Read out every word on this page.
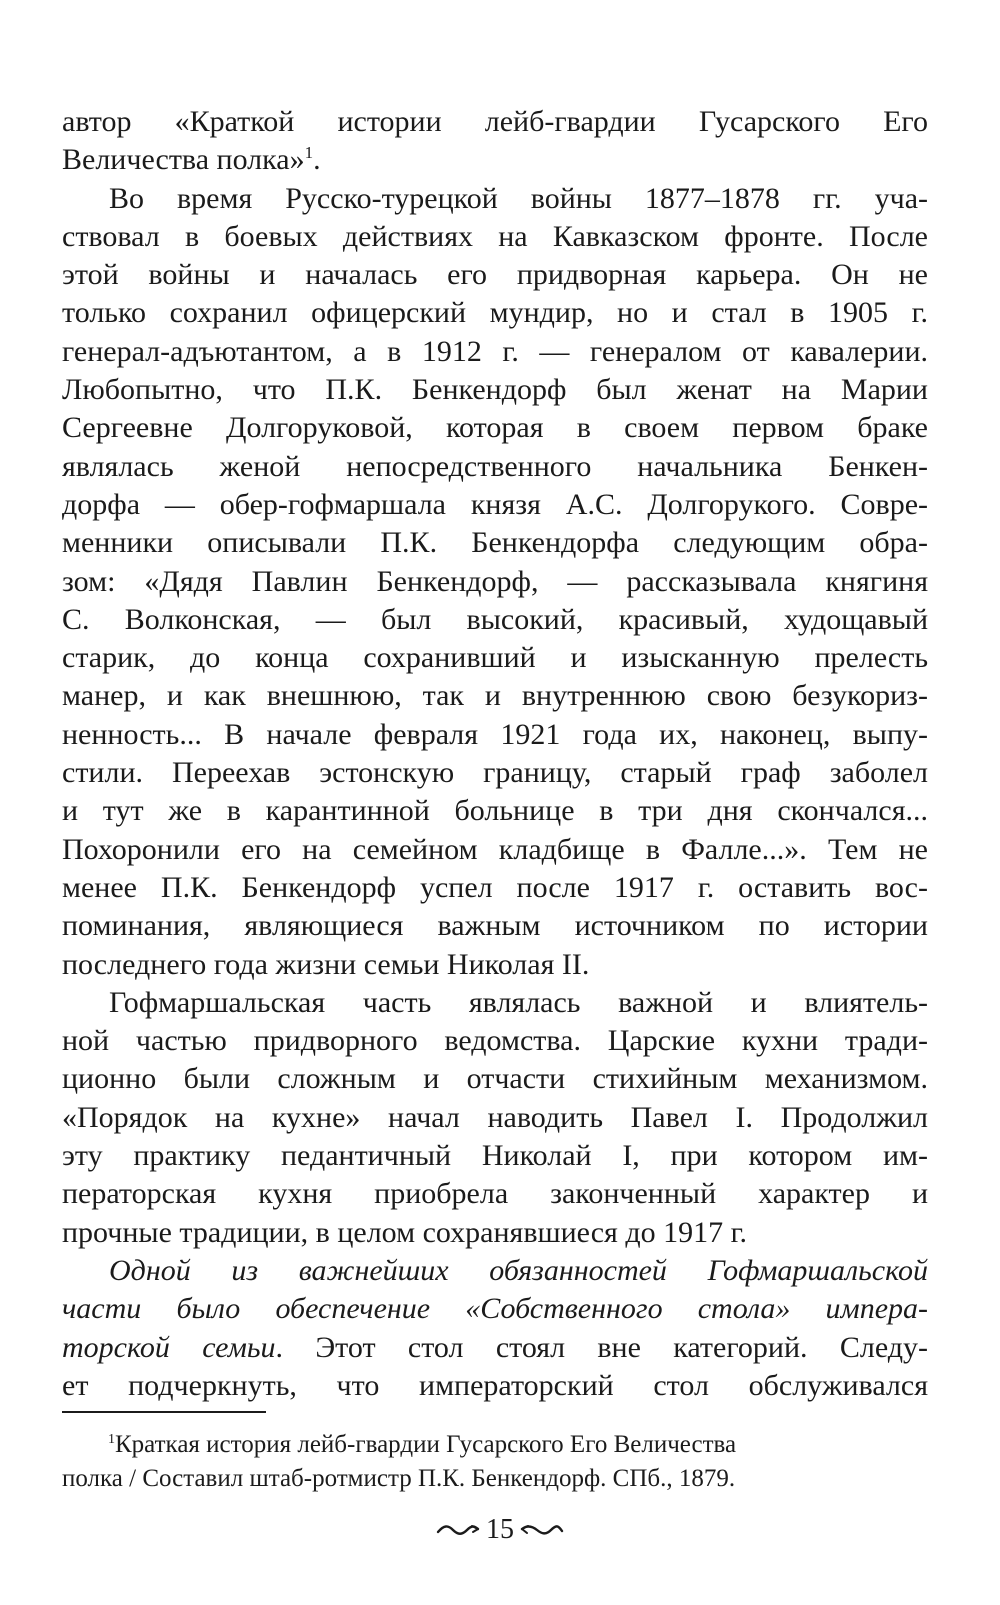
автор «Краткой истории лейб-гвардии Гусарского Его
Величества полка»$^1$.
Во время Русско-турецкой войны 1877–1878 гг. уча-
ствовал в боевых действиях на Кавказском фронте. После
этой войны и началась его придворная карьера. Он не
только сохранил офицерский мундир, но и стал в 1905 г.
генерал-адъютантом, а в 1912 г. — генералом от кавалерии.
Любопытно, что П.К. Бенкендорф был женат на Марии
Сергеевне Долгоруковой, которая в своем первом браке
являлась женой непосредственного начальника Бенкен-
дорфа — обер-гофмаршала князя А.С. Долгорукого. Совре-
менники описывали П.К. Бенкендорфа следующим обра-
зом: «Дядя Павлин Бенкендорф, — рассказывала княгиня
С. Волконская, — был высокий, красивый, худощавый
старик, до конца сохранивший и изысканную прелесть
манер, и как внешнюю, так и внутреннюю свою безукориз-
ненность... В начале февраля 1921 года их, наконец, выпу-
стили. Переехав эстонскую границу, старый граф заболел
и тут же в карантинной больнице в три дня скончался...
Похоронили его на семейном кладбище в Фалле...». Тем не
менее П.К. Бенкендорф успел после 1917 г. оставить вос-
поминания, являющиеся важным источником по истории
последнего года жизни семьи Николая II.
Гофмаршальская часть являлась важной и влиятель-
ной частью придворного ведомства. Царские кухни тради-
ционно были сложным и отчасти стихийным механизмом.
«Порядок на кухне» начал наводить Павел I. Продолжил
эту практику педантичный Николай I, при котором им-
ператорская кухня приобрела законченный характер и
прочные традиции, в целом сохранявшиеся до 1917 г.
Одной из важнейших обязанностей Гофмаршальской
части было обеспечение «Собственного стола» импера-
торской семьи. Этот стол стоял вне категорий. Следу-
ет подчеркнуть, что императорский стол обслуживался
$^1$Краткая история лейб-гвардии Гусарского Его Величества
полка / Составил штаб-ротмистр П.К. Бенкендорф. СПб., 1879.
15
